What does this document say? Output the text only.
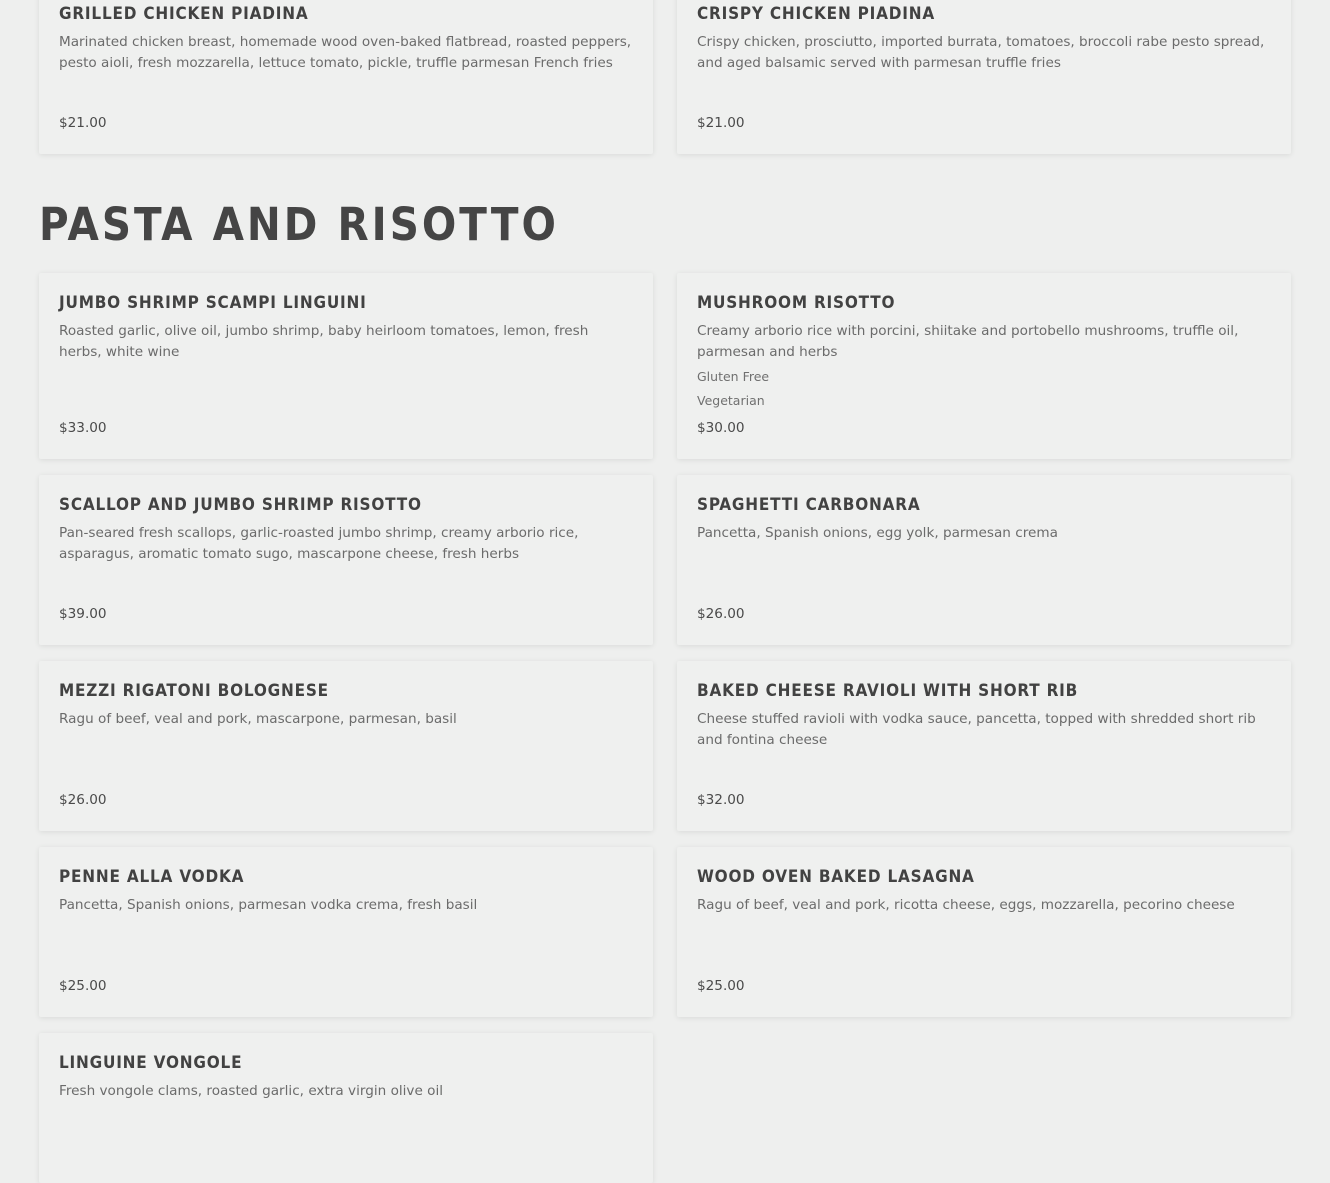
GRILLED CHICKEN PIADINA
Marinated chicken breast, homemade wood oven-baked flatbread, roasted peppers, pesto aioli, fresh mozzarella, lettuce tomato, pickle, truffle parmesan French fries
$21.00
CRISPY CHICKEN PIADINA
Crispy chicken, prosciutto, imported burrata, tomatoes, broccoli rabe pesto spread, and aged balsamic served with parmesan truffle fries
$21.00
PASTA AND RISOTTO
JUMBO SHRIMP SCAMPI LINGUINI
Roasted garlic, olive oil, jumbo shrimp, baby heirloom tomatoes, lemon, fresh herbs, white wine
$33.00
MUSHROOM RISOTTO
Creamy arborio rice with porcini, shiitake and portobello mushrooms, truffle oil, parmesan and herbs
Gluten Free
Vegetarian
$30.00
SCALLOP AND JUMBO SHRIMP RISOTTO
Pan-seared fresh scallops, garlic-roasted jumbo shrimp, creamy arborio rice, asparagus, aromatic tomato sugo, mascarpone cheese, fresh herbs
$39.00
SPAGHETTI CARBONARA
Pancetta, Spanish onions, egg yolk, parmesan crema
$26.00
MEZZI RIGATONI BOLOGNESE
Ragu of beef, veal and pork, mascarpone, parmesan, basil
$26.00
BAKED CHEESE RAVIOLI WITH SHORT RIB
Cheese stuffed ravioli with vodka sauce, pancetta, topped with shredded short rib and fontina cheese
$32.00
PENNE ALLA VODKA
Pancetta, Spanish onions, parmesan vodka crema, fresh basil
$25.00
WOOD OVEN BAKED LASAGNA
Ragu of beef, veal and pork, ricotta cheese, eggs, mozzarella, pecorino cheese
$25.00
LINGUINE VONGOLE
Fresh vongole clams, roasted garlic, extra virgin olive oil
